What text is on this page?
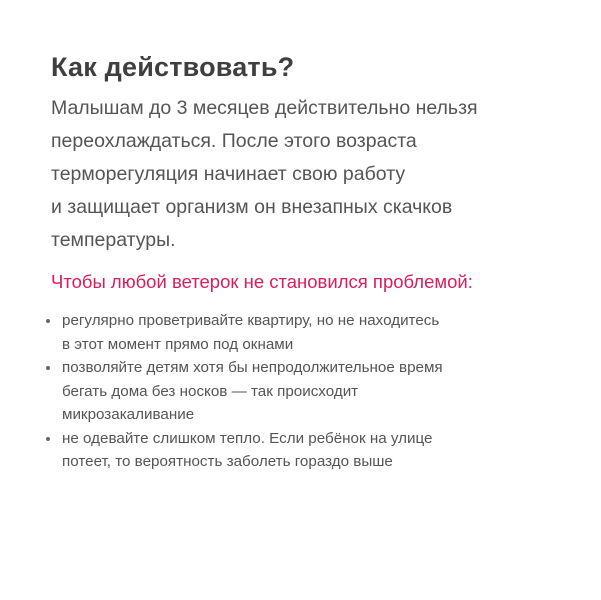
Как действовать?

Малышам до 3 месяцев действительно нельзя
переохлаждаться. После этого возраста
терморегуляция начинает свою работу
и защищает организм он внезапных скачков
температуры.

Чтобы любой ветерок не становился проблемой:

регулярно проветривайте квартиру, но не находитесь
в этот момент прямо под окнами
позволяйте детям хотя бы непродолжительное время
бегать дома без носков — так происходит
микрозакаливание
не одевайте слишком тепло. Если ребёнок на улице
потеет, то вероятность заболеть гораздо выше
